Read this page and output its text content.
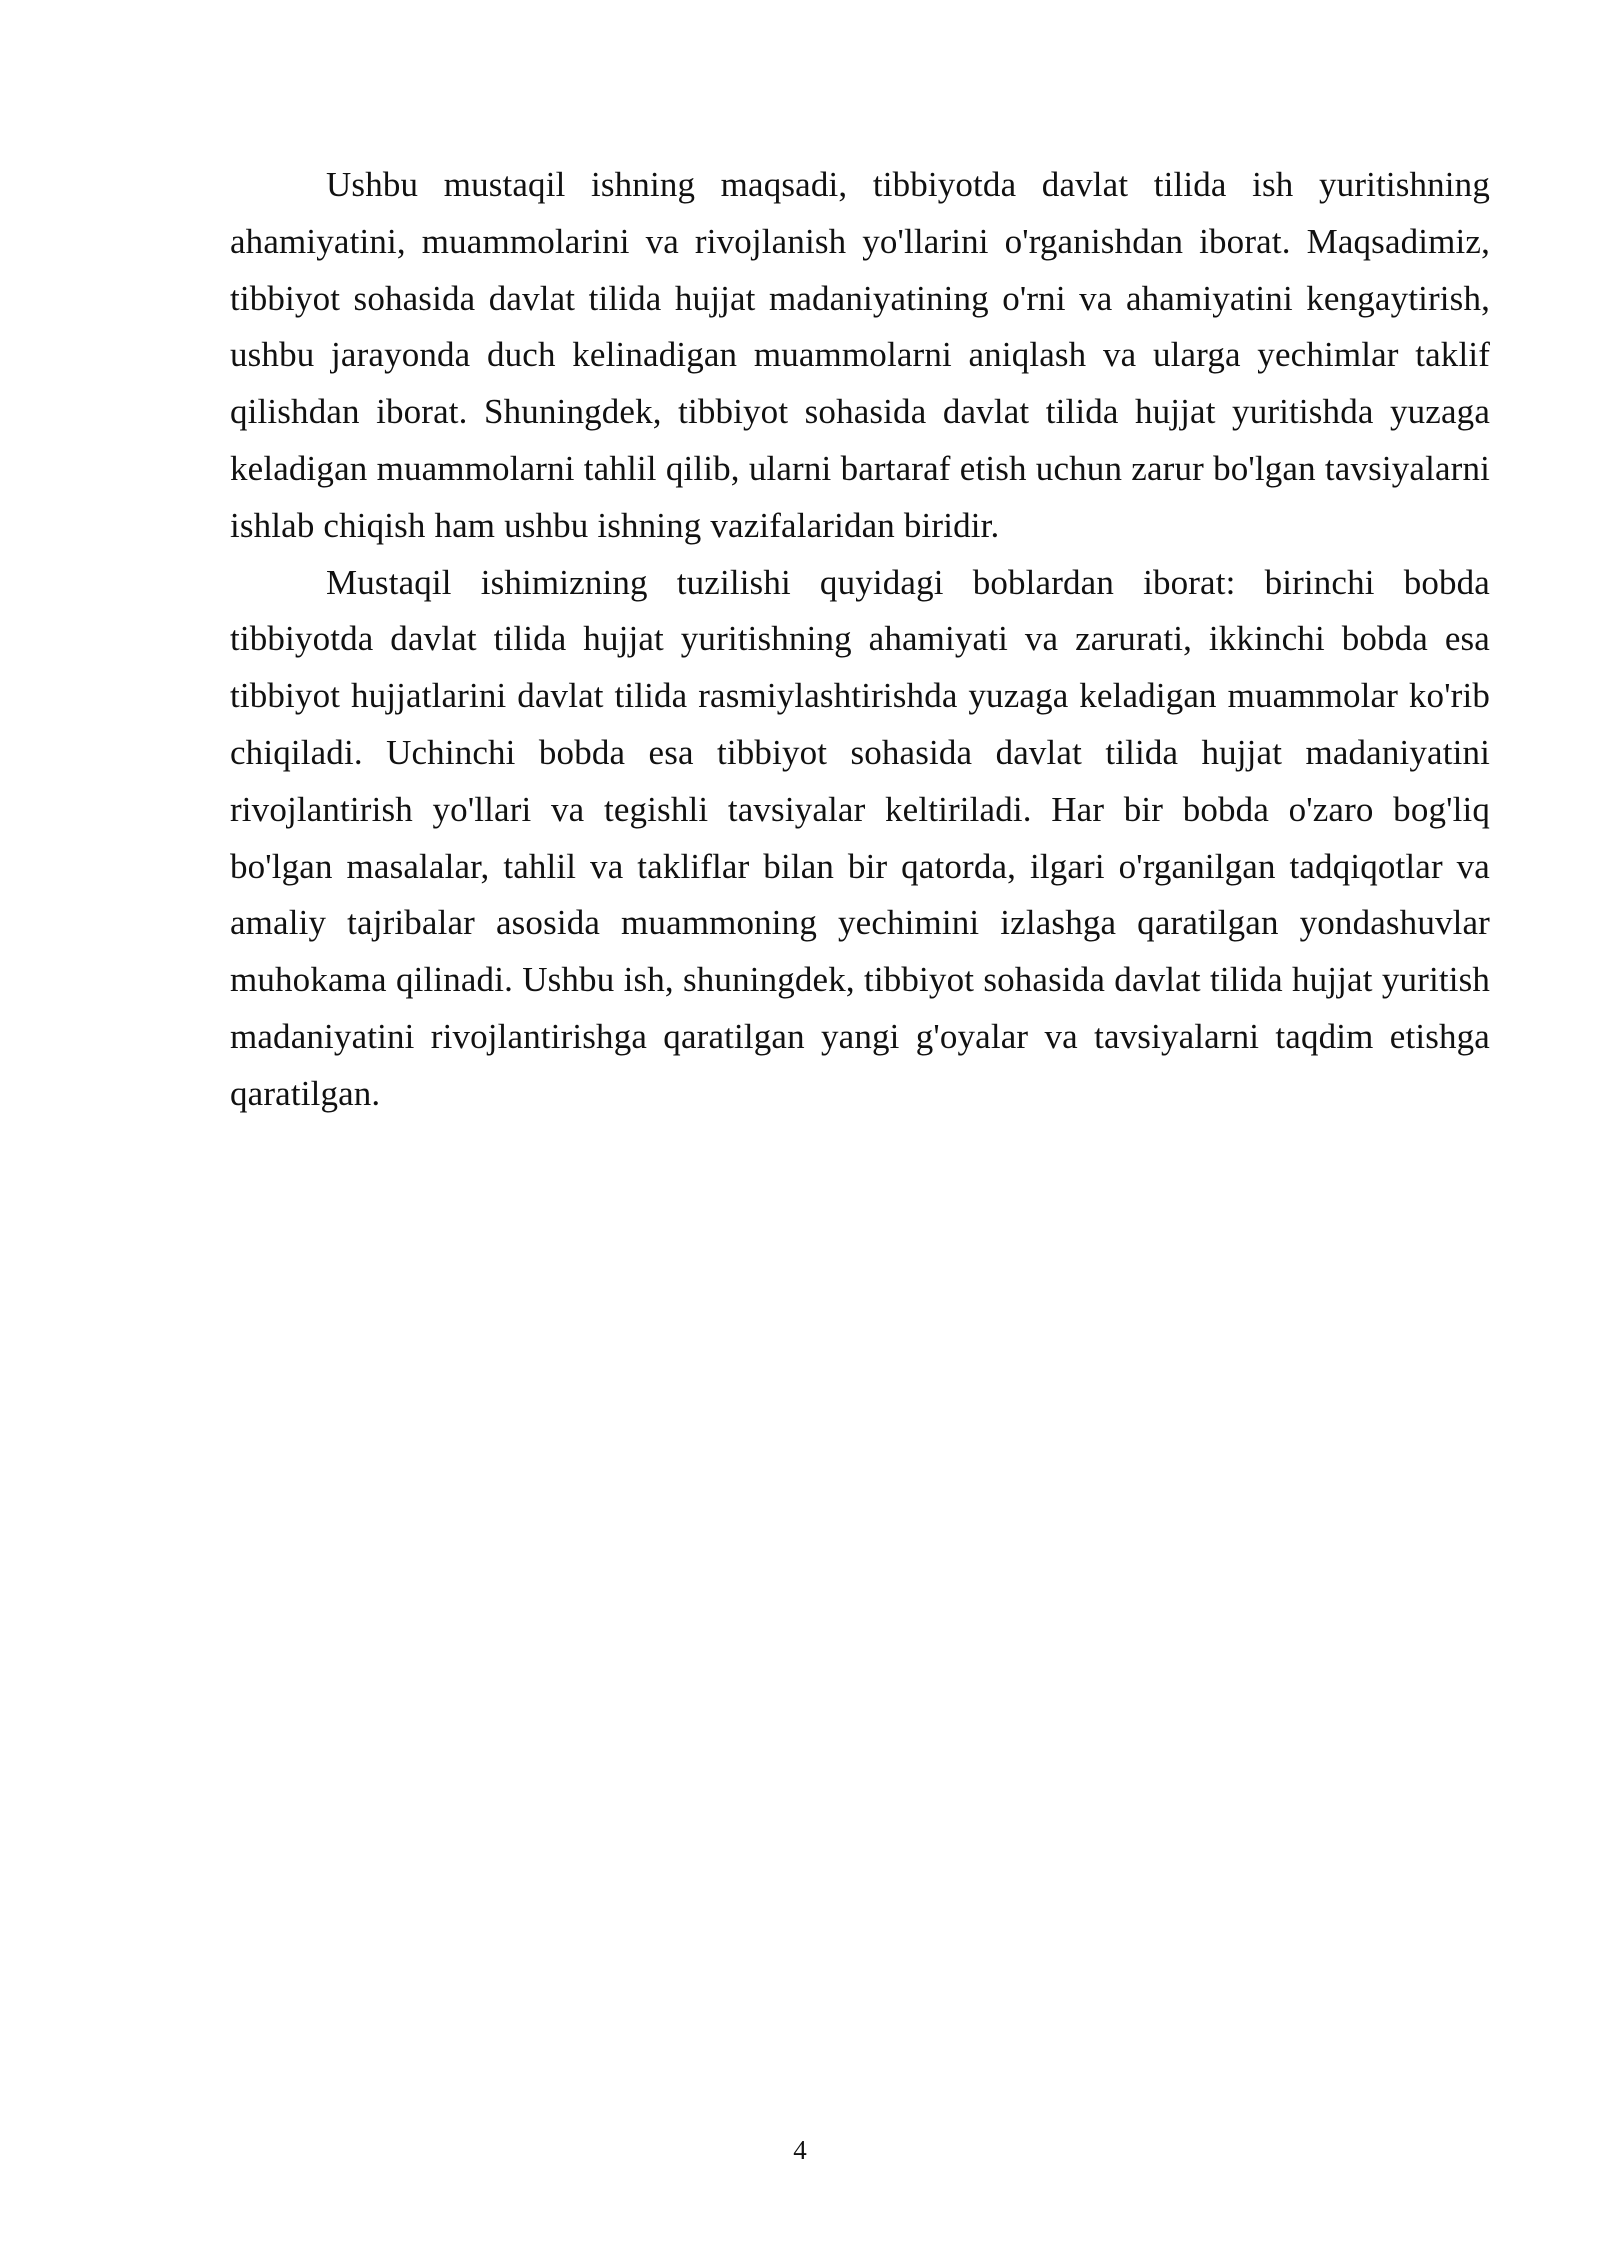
Ushbu mustaqil ishning maqsadi, tibbiyotda davlat tilida ish yuritishning ahamiyatini, muammolarini va rivojlanish yo'llarini o'rganishdan iborat. Maqsadimiz, tibbiyot sohasida davlat tilida hujjat madaniyatining o'rni va ahamiyatini kengaytirish, ushbu jarayonda duch kelinadigan muammolarni aniqlash va ularga yechimlar taklif qilishdan iborat. Shuningdek, tibbiyot sohasida davlat tilida hujjat yuritishda yuzaga keladigan muammolarni tahlil qilib, ularni bartaraf etish uchun zarur bo'lgan tavsiyalarni ishlab chiqish ham ushbu ishning vazifalaridan biridir.

Mustaqil ishimizning tuzilishi quyidagi boblardan iborat: birinchi bobda tibbiyotda davlat tilida hujjat yuritishning ahamiyati va zarurati, ikkinchi bobda esa tibbiyot hujjatlarini davlat tilida rasmiylashtirishda yuzaga keladigan muammolar ko'rib chiqiladi. Uchinchi bobda esa tibbiyot sohasida davlat tilida hujjat madaniyatini rivojlantirish yo'llari va tegishli tavsiyalar keltiriladi. Har bir bobda o'zaro bog'liq bo'lgan masalalar, tahlil va takliflar bilan bir qatorda, ilgari o'rganilgan tadqiqotlar va amaliy tajribalar asosida muammoning yechimini izlashga qaratilgan yondashuvlar muhokama qilinadi. Ushbu ish, shuningdek, tibbiyot sohasida davlat tilida hujjat yuritish madaniyatini rivojlantirishga qaratilgan yangi g'oyalar va tavsiyalarni taqdim etishga qaratilgan.

4
